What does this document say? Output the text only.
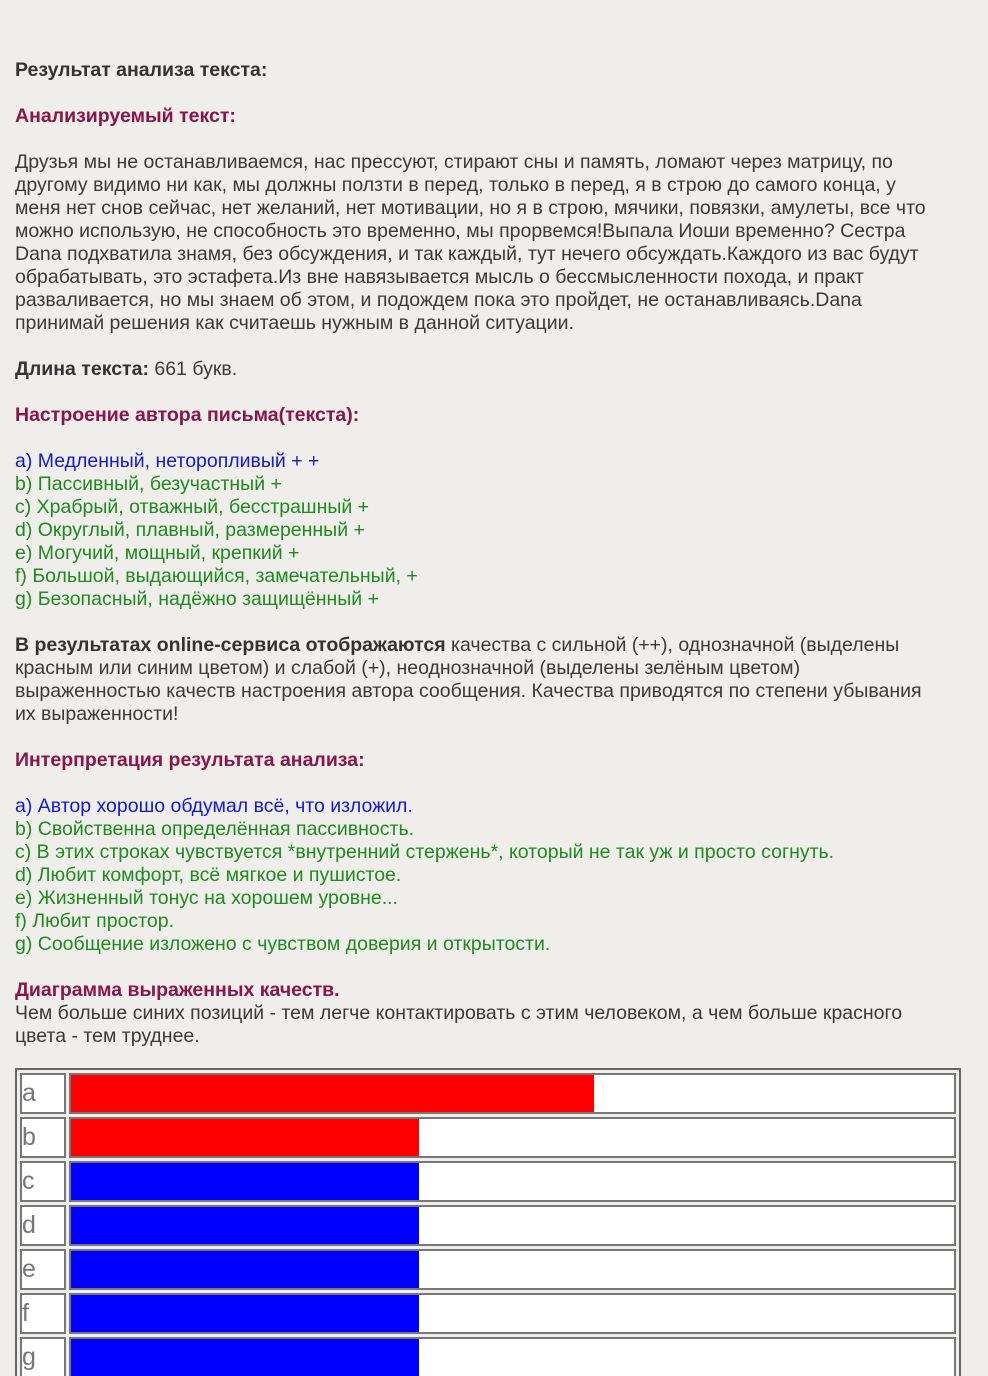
Результат анализа текста:
Анализируемый текст:
Друзья мы не останавливаемся, нас прессуют, стирают сны и память, ломают через матрицу, по
другому видимо ни как, мы должны ползти в перед, только в перед, я в строю до самого конца, у
меня нет снов сейчас, нет желаний, нет мотивации, но я в строю, мячики, повязки, амулеты, все что
можно использую, не способность это временно, мы прорвемся!Выпала Иоши временно? Сестра
Dana подхватила знамя, без обсуждения, и так каждый, тут нечего обсуждать.Каждого из вас будут
обрабатывать, это эстафета.Из вне навязывается мысль о бессмысленности похода, и практ
разваливается, но мы знаем об этом, и подождем пока это пройдет, не останавливаясь.Dana
принимай решения как считаешь нужным в данной ситуации.
Длина текста: 661 букв.
Настроение автора письма(текста):
a) Медленный, неторопливый + +
b) Пассивный, безучастный +
c) Храбрый, отважный, бесстрашный +
d) Округлый, плавный, размеренный +
e) Могучий, мощный, крепкий +
f) Большой, выдающийся, замечательный, +
g) Безопасный, надёжно защищённый +
В результатах online-сервиса отображаются качества с сильной (++), однозначной (выделены
красным или синим цветом) и слабой (+), неоднозначной (выделены зелёным цветом)
выраженностью качеств настроения автора сообщения. Качества приводятся по степени убывания
их выраженности!
Интерпретация результата анализа:
a) Автор хорошо обдумал всё, что изложил.
b) Свойственна определённая пассивность.
c) В этих строках чувствуется *внутренний стержень*, который не так уж и просто согнуть.
d) Любит комфорт, всё мягкое и пушистое.
e) Жизненный тонус на хорошем уровне...
f) Любит простор.
g) Сообщение изложено с чувством доверия и открытости.
Диаграмма выраженных качеств.
Чем больше синих позиций - тем легче контактировать с этим человеком, а чем больше красного
цвета - тем труднее.
a	

b	

c	

d	

e	

f	

g	
